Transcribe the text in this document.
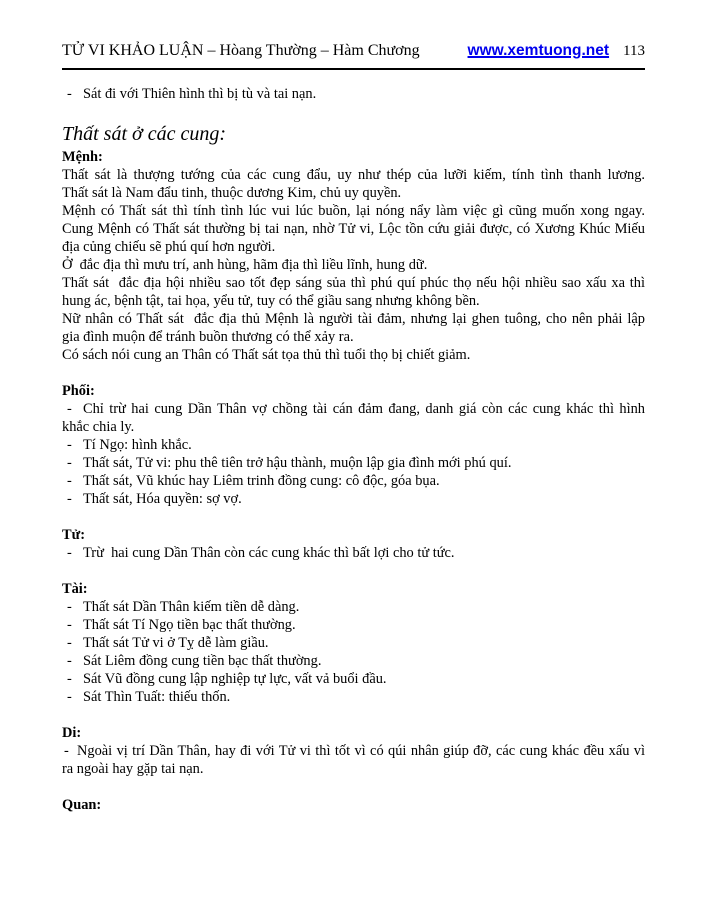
TỬ VI KHẢO LUẬN – Hòang Thường – Hàm Chương	www.xemtuong.net 113
- Sát đi với Thiên hình thì bị tù và tai nạn.
Thất sát ở các cung:
Mệnh:
Thất sát là thượng tướng của các cung đẩu, uy như thép của lưỡi kiếm, tính tình thanh lương.
Thất sát là Nam đẩu tinh, thuộc dương Kim, chủ uy quyền.
Mệnh có Thất sát thì tính tình lúc vui lúc buồn, lại nóng nẩy làm việc gì cũng muốn xong ngay.
Cung Mệnh có Thất sát thường bị tai nạn, nhờ Tử vi, Lộc tồn cứu giải được, có Xương Khúc Miếu
địa củng chiếu sẽ phú quí hơn người.
Ở  đắc địa thì mưu trí, anh hùng, hãm địa thì liều lĩnh, hung dữ.
Thất sát  đắc địa hội nhiều sao tốt đẹp sáng sủa thì phú quí phúc thọ nếu hội nhiều sao xấu xa thì
hung ác, bệnh tật, tai họa, yểu tử, tuy có thể giầu sang nhưng không bền.
Nữ nhân có Thất sát  đắc địa thủ Mệnh là người tài đảm, nhưng lại ghen tuông, cho nên phải lập
gia đình muộn để tránh buồn thương có thể xảy ra.
Có sách nói cung an Thân có Thất sát tọa thủ thì tuổi thọ bị chiết giảm.
Phối:
- Chỉ trừ hai cung Dần Thân vợ chồng tài cán đảm đang, danh giá còn các cung khác thì hình
khắc chia ly.
- Tí Ngọ: hình khắc.
- Thất sát, Tử vi: phu thê tiên trở hậu thành, muộn lập gia đình mới phú quí.
- Thất sát, Vũ khúc hay Liêm trinh đồng cung: cô độc, góa bụa.
- Thất sát, Hóa quyền: sợ vợ.
Tử:
- Trừ  hai cung Dần Thân còn các cung khác thì bất lợi cho tử tức.
Tài:
- Thất sát Dần Thân kiếm tiền dễ dàng.
- Thất sát Tí Ngọ tiền bạc thất thường.
- Thất sát Tử vi ở Tỵ dễ làm giầu.
- Sát Liêm đồng cung tiền bạc thất thường.
- Sát Vũ đồng cung lập nghiệp tự lực, vất vả buổi đầu.
- Sát Thìn Tuất: thiếu thốn.
Di:
- Ngoài vị trí Dần Thân, hay đi với Tử vi thì tốt vì có qúi nhân giúp đỡ, các cung khác đều xấu vì
ra ngoài hay gặp tai nạn.
Quan:
